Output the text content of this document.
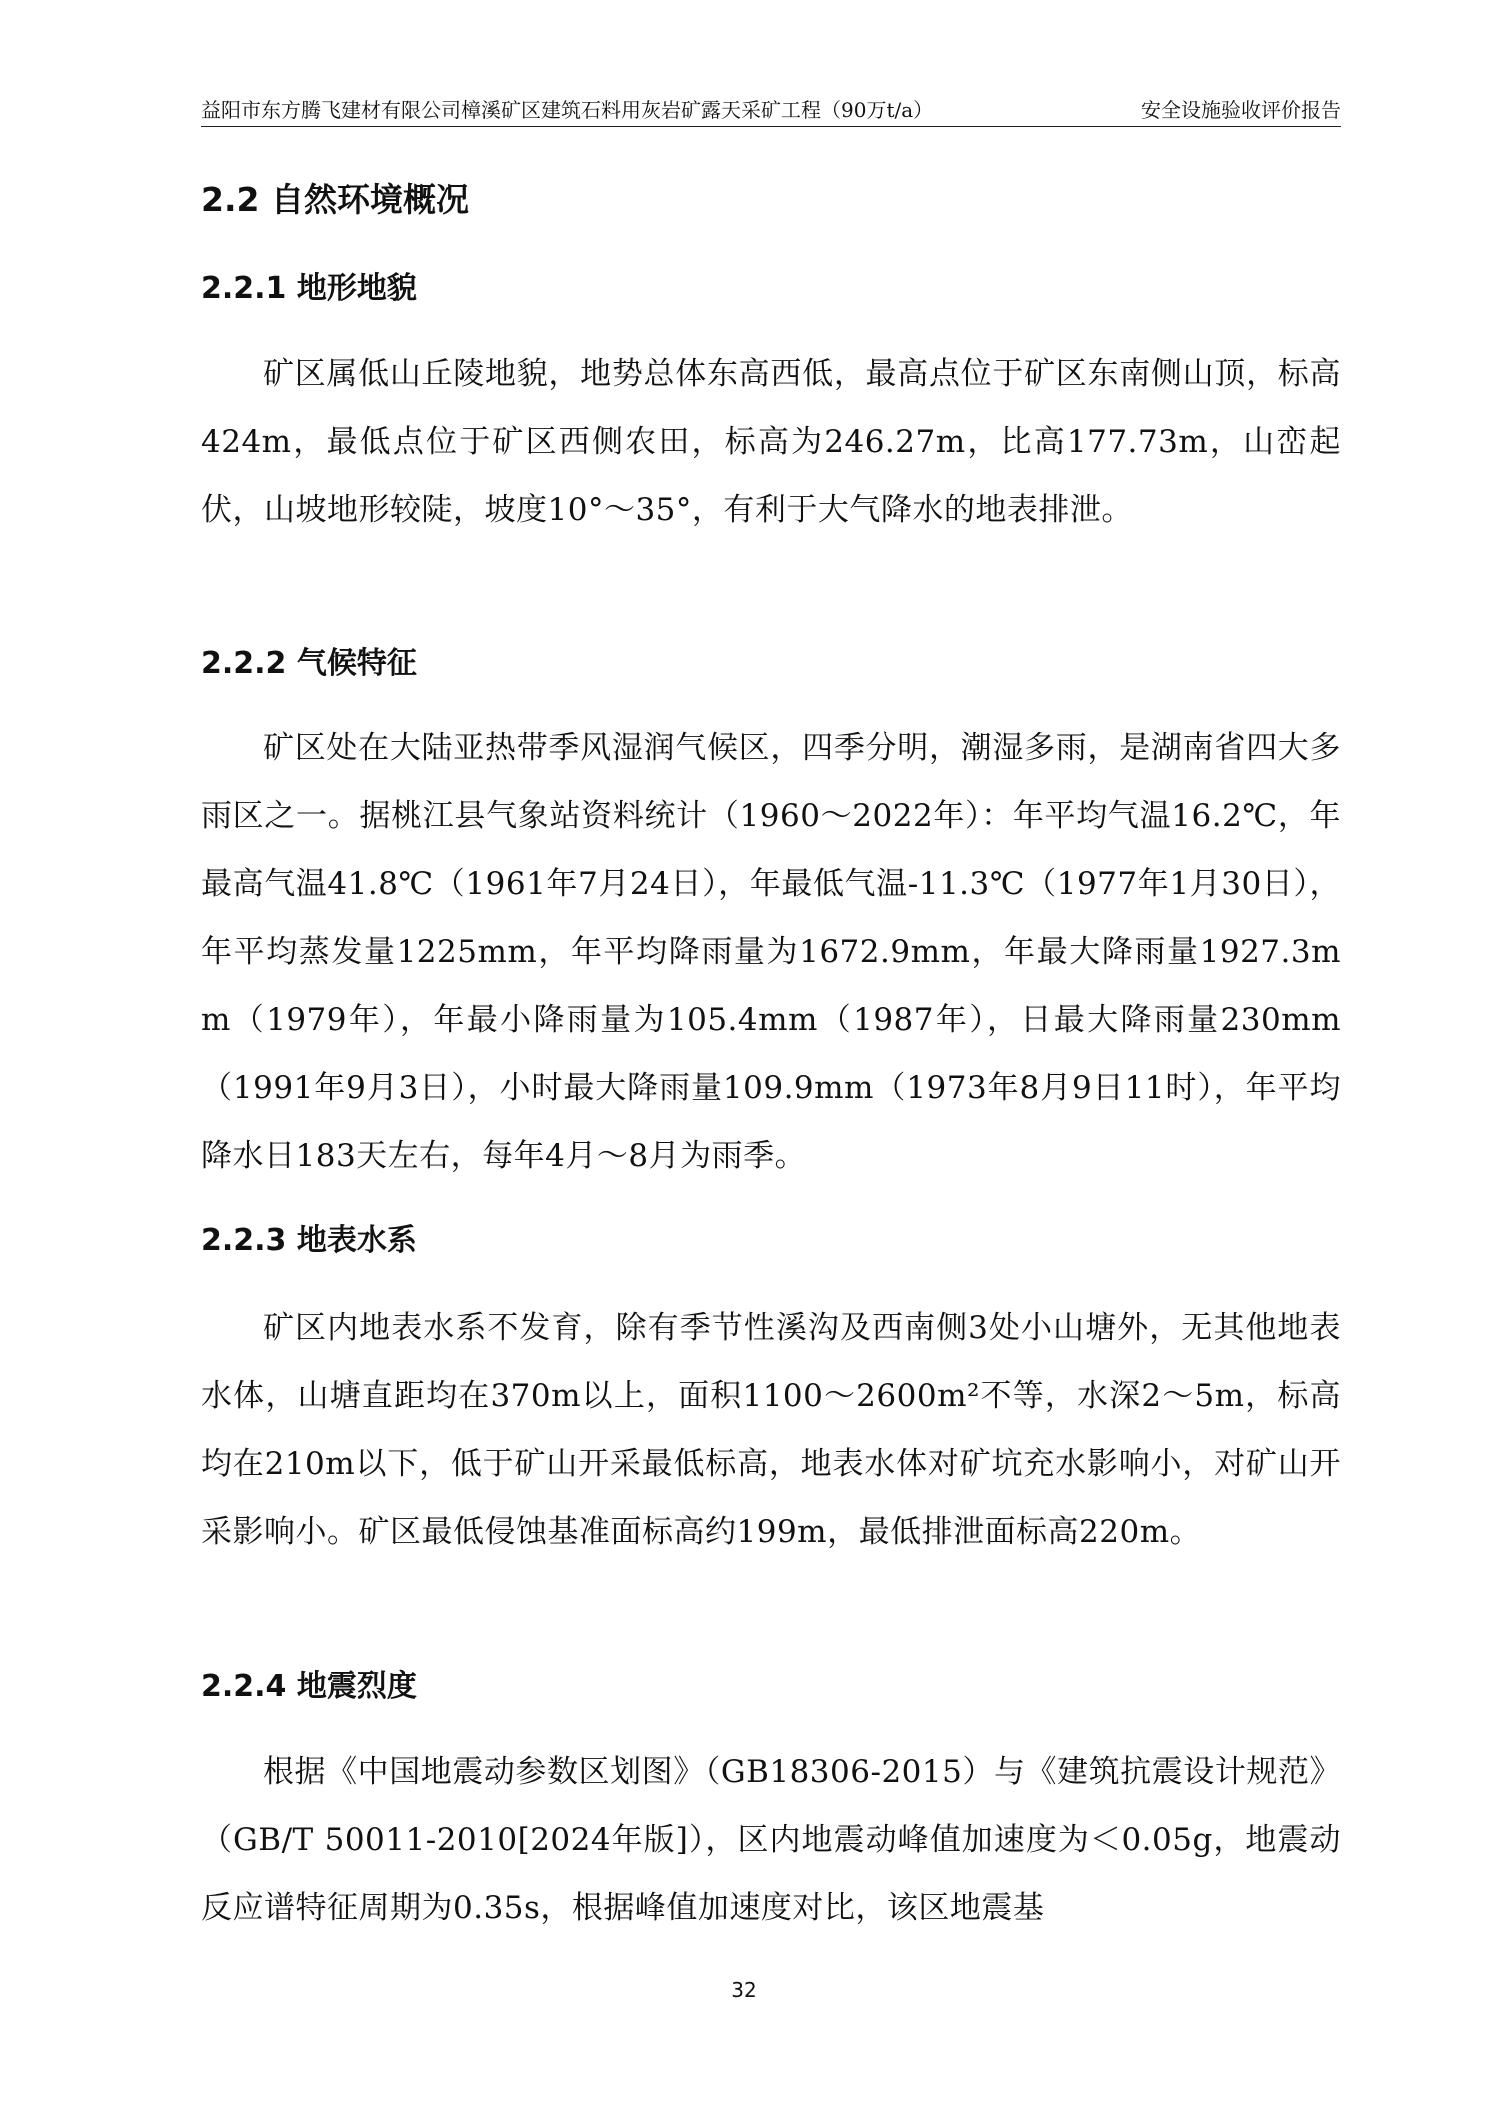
益阳市东方腾飞建材有限公司樟溪矿区建筑石料用灰岩矿露天采矿工程（90万t/a）	安全设施验收评价报告
2.2 自然环境概况
2.2.1 地形地貌

矿区属低山丘陵地貌，地势总体东高西低，最高点位于矿区东南侧山顶，标高424m，最低点位于矿区西侧农田，标高为246.27m，比高177.73m，山峦起伏，山坡地形较陡，坡度10°～35°，有利于大气降水的地表排泄。

2.2.2 气候特征

矿区处在大陆亚热带季风湿润气候区，四季分明，潮湿多雨，是湖南省四大多雨区之一。据桃江县气象站资料统计（1960～2022年）：年平均气温16.2℃，年最高气温41.8℃（1961年7月24日），年最低气温-11.3℃（1977年1月30日），年平均蒸发量1225mm，年平均降雨量为1672.9mm，年最大降雨量1927.3mm（1979年），年最小降雨量为105.4mm（1987年），日最大降雨量230mm（1991年9月3日），小时最大降雨量109.9mm（1973年8月9日11时），年平均降水日183天左右，每年4月～8月为雨季。

2.2.3 地表水系

矿区内地表水系不发育，除有季节性溪沟及西南侧3处小山塘外，无其他地表水体，山塘直距均在370m以上，面积1100～2600m²不等，水深2～5m，标高均在210m以下，低于矿山开采最低标高，地表水体对矿坑充水影响小，对矿山开采影响小。矿区最低侵蚀基准面标高约199m，最低排泄面标高220m。

2.2.4 地震烈度

根据《中国地震动参数区划图》（GB18306-2015）与《建筑抗震设计规范》（GB/T 50011-2010[2024年版]），区内地震动峰值加速度为＜0.05g，地震动反应谱特征周期为0.35s，根据峰值加速度对比，该区地震基

32
